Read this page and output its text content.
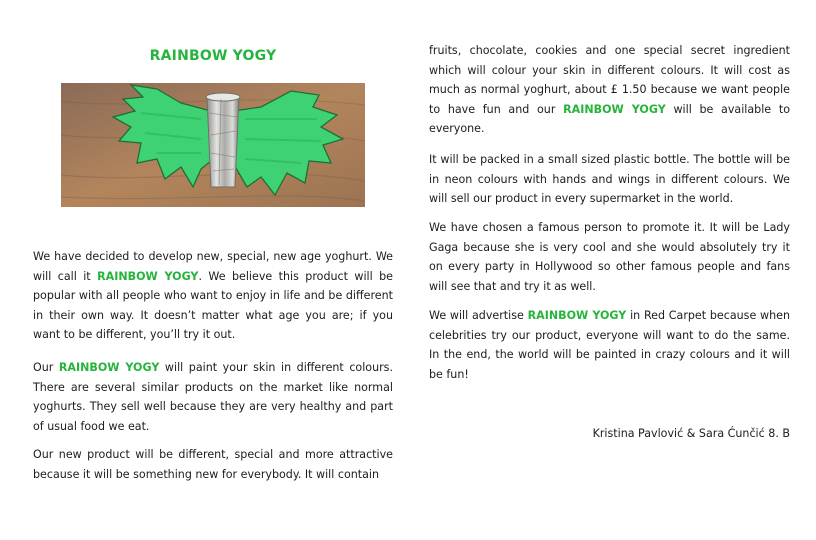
RAINBOW YOGY

We have decided to develop new, special, new age yoghurt. We will call it RAINBOW YOGY. We believe this product will be popular with all people who want to enjoy in life and be different in their own way. It doesn’t matter what age you are; if you want to be different, you’ll try it out.

Our RAINBOW YOGY will paint your skin in different colours. There are several similar products on the market like normal yoghurts. They sell well because they are very healthy and part of usual food we eat.

Our new product will be different, special and more attractive because it will be something new for everybody. It will contain

fruits, chocolate, cookies and one special secret ingredient which will colour your skin in different colours. It will cost as much as normal yoghurt, about £ 1.50 because we want people to have fun and our RAINBOW YOGY will be available to everyone.

It will be packed in a small sized plastic bottle. The bottle will be in neon colours with hands and wings in different colours. We will sell our product in every supermarket in the world.

We have chosen a famous person to promote it. It will be Lady Gaga because she is very cool and she would absolutely try it on every party in Hollywood so other famous people and fans will see that and try it as well.

We will advertise RAINBOW YOGY in Red Carpet because when celebrities try our product, everyone will want to do the same. In the end, the world will be painted in crazy colours and it will be fun!

Kristina Pavlović & Sara Ćunčić 8. B
